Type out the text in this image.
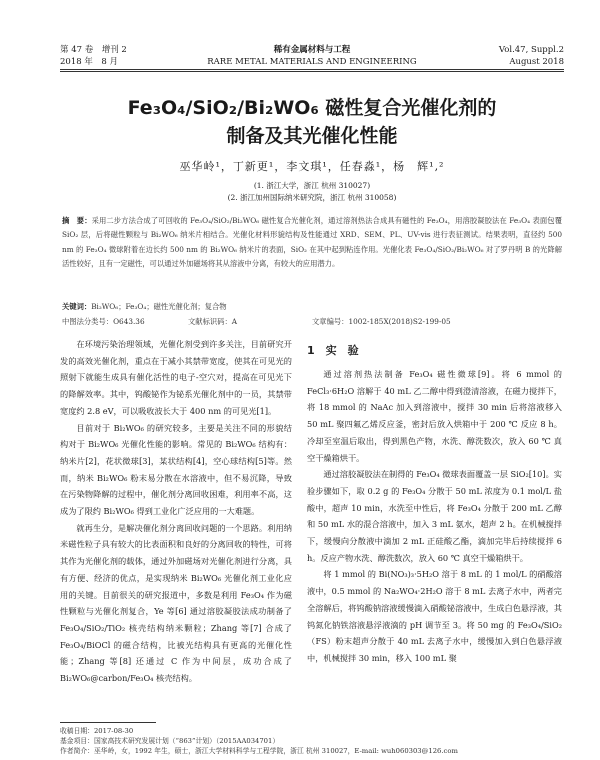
第 47 卷　增刊 2
2018 年　8 月
稀有金属材料与工程
RARE METAL MATERIALS AND ENGINEERING
Vol.47, Suppl.2
August 2018
Fe₃O₄/SiO₂/Bi₂WO₆ 磁性复合光催化剂的
制备及其光催化性能
巫华岭¹，丁新更¹，李文琪¹，任春淼¹，杨　辉¹,²
(1. 浙江大学，浙江 杭州 310027)
(2. 浙江加州国际纳米研究院，浙江 杭州 310058)
摘　要：采用二步方法合成了可回收的 Fe₃O₄/SiO₂/Bi₂WO₆ 磁性复合光催化剂，通过溶剂热法合成具有磁性的 Fe₃O₄，用溶胶凝胶法在 Fe₃O₄ 表面包覆 SiO₂ 层，后将磁性颗粒与 Bi₂WO₆ 纳米片相结合。光催化材料形貌结构及性能通过 XRD、SEM、PL、UV-vis 进行表征测试。结果表明，直径约 500 nm 的 Fe₃O₄ 微球附着在边长约 500 nm 的 Bi₂WO₆ 纳米片的表面，SiO₂ 在其中起到粘连作用。光催化表 Fe₃O₄/SiO₂/Bi₂WO₆ 对了罗丹明 B 的光降解活性较好，且有一定磁性，可以通过外加磁场将其从溶液中分离，有较大的应用潜力。
关键词：Bi₂WO₆；Fe₃O₄；磁性光催化剂；复合物
中图法分类号：O643.36	文献标识码：A	文章编号：1002-185X(2018)S2-199-05

在环境污染治理领域，光催化剂受到许多关注，目前研究开发的高效光催化剂，重点在于减小其禁带宽度，使其在可见光的照射下就能生成具有催化活性的电子-空穴对，提高在可见光下的降解效率。其中，钨酸铋作为铋系光催化剂中的一员，其禁带宽度约 2.8 eV，可以吸收波长大于 400 nm 的可见光[1]。

目前对于 Bi₂WO₆ 的研究较多，主要是关注不同的形貌结构对于 Bi₂WO₆ 光催化性能的影响。常见的 Bi₂WO₆ 结构有：纳米片[2]，花状微球[3]，某状结构[4]，空心球结构[5]等。然而，纳米 Bi₂WO₆ 粉末易分散在水溶液中，但不易沉降，导致在污染物降解的过程中，催化剂分离回收困难，利用率不高，这成为了限约 Bi₂WO₆ 得到工业化广泛应用的一大难题。

就再生分，是解决催化剂分离回收问题的一个思路。利用纳米磁性粒子具有较大的比表面积和良好的分离回收的特性，可将其作为光催化剂的载体，通过外加磁场对光催化剂进行分离，具有方便、经济的优点，是实现纳米 Bi₂WO₆ 光催化剂工业化应用的关键。目前很关的研究报道中，多数是利用 Fe₃O₄ 作为磁性颗粒与光催化剂复合，Ye 等[6] 通过溶胶凝胶法成功制备了 Fe₃O₄/SiO₂/TiO₂ 核壳结构纳米颗粒；Zhang 等[7] 合成了 Fe₃O₄/BiOCl 的磁合结构，比被光结构具有更高的光催化性能；Zhang 等[8] 还通过 C 作为中间层，成功合成了 Bi₂WO₆@carbon/Fe₃O₄ 核壳结构。

1　实　验

通过溶剂热法制备 Fe₃O₄ 磁性微球[9]。将 6 mmol 的 FeCl₃·6H₂O 溶解于 40 mL 乙二醇中得到澄清溶液，在磁力搅拌下，将 18 mmol 的 NaAc 加入到溶液中，搅拌 30 min 后将溶液移入 50 mL 聚四氟乙烯反应釜，密封后放入烘箱中于 200 ℃ 反应 8 h。冷却至室温后取出，得到黑色产物，水洗、醇洗数次，放入 60 ℃ 真空干燥箱烘干。

通过溶胶凝胶法在制得的 Fe₃O₄ 微球表面覆盖一层 SiO₂[10]。实验步骤如下，取 0.2 g 的 Fe₃O₄ 分散于 50 mL 浓度为 0.1 mol/L 盐酸中，超声 10 min，水洗至中性后，将 Fe₃O₄ 分散于 200 mL 乙醇和 50 mL 水的混合溶液中，加入 3 mL 氨水，超声 2 h。在机械搅拌下，缓慢向分散液中滴加 2 mL 正硅酸乙酯，滴加完毕后持续搅拌 6 h。反应产物水洗、醇洗数次，放入 60 ℃ 真空干燥箱烘干。

将 1 mmol 的 Bi(NO₃)₃·5H₂O 溶于 8 mL 的 1 mol/L 的硝酸溶液中，0.5 mmol 的 Na₂WO₄·2H₂O 溶于 8 mL 去离子水中，两者完全溶解后，将钨酸钠溶液缓慢滴入硝酸铋溶液中，生成白色悬浮液，其钨氮化钠铁溶液悬浮液滴的 pH 调节至 3。将 50 mg 的 Fe₃O₄/SiO₂（FS）粉末超声分散于 40 mL 去离子水中，缓慢加入到白色悬浮液中，机械搅拌 30 min，移入 100 mL 聚

收稿日期：2017-08-30
基金项目：国家高技术研究发展计划（“863”计划）（2015AA034701）
作者简介：巫华岭，女，1992 年生，硕士，浙江大学材料科学与工程学院，浙江 杭州 310027，E-mail: wuh060303@126.com
